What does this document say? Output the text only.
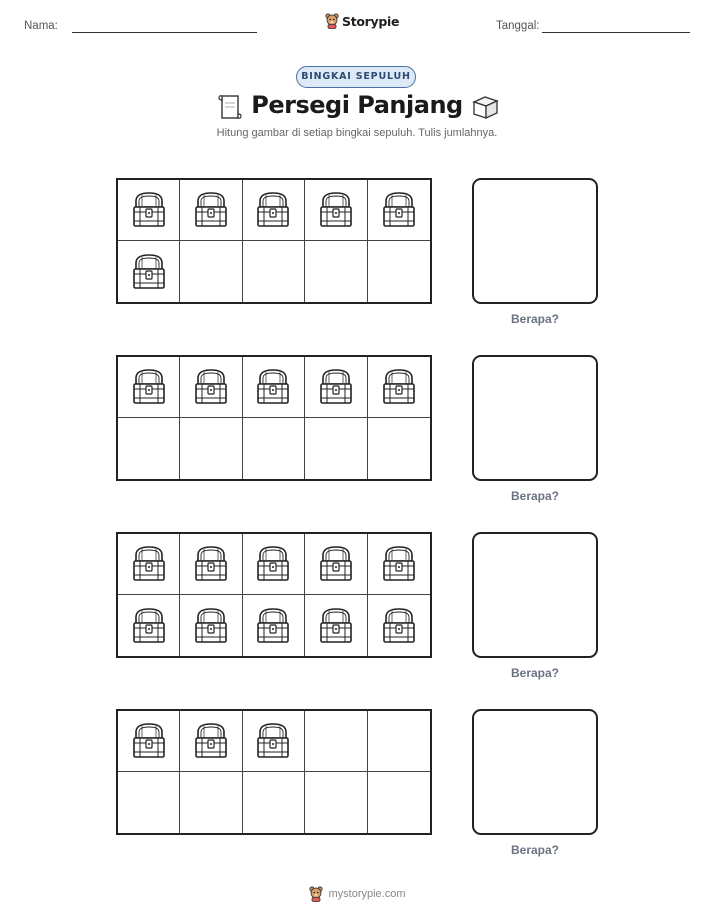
Nama:	Storypie	Tanggal:
BINGKAI SEPULUH
Persegi Panjang
Hitung gambar di setiap bingkai sepuluh. Tulis jumlahnya.
Berapa?
Berapa?
Berapa?
Berapa?
mystorypie.com
